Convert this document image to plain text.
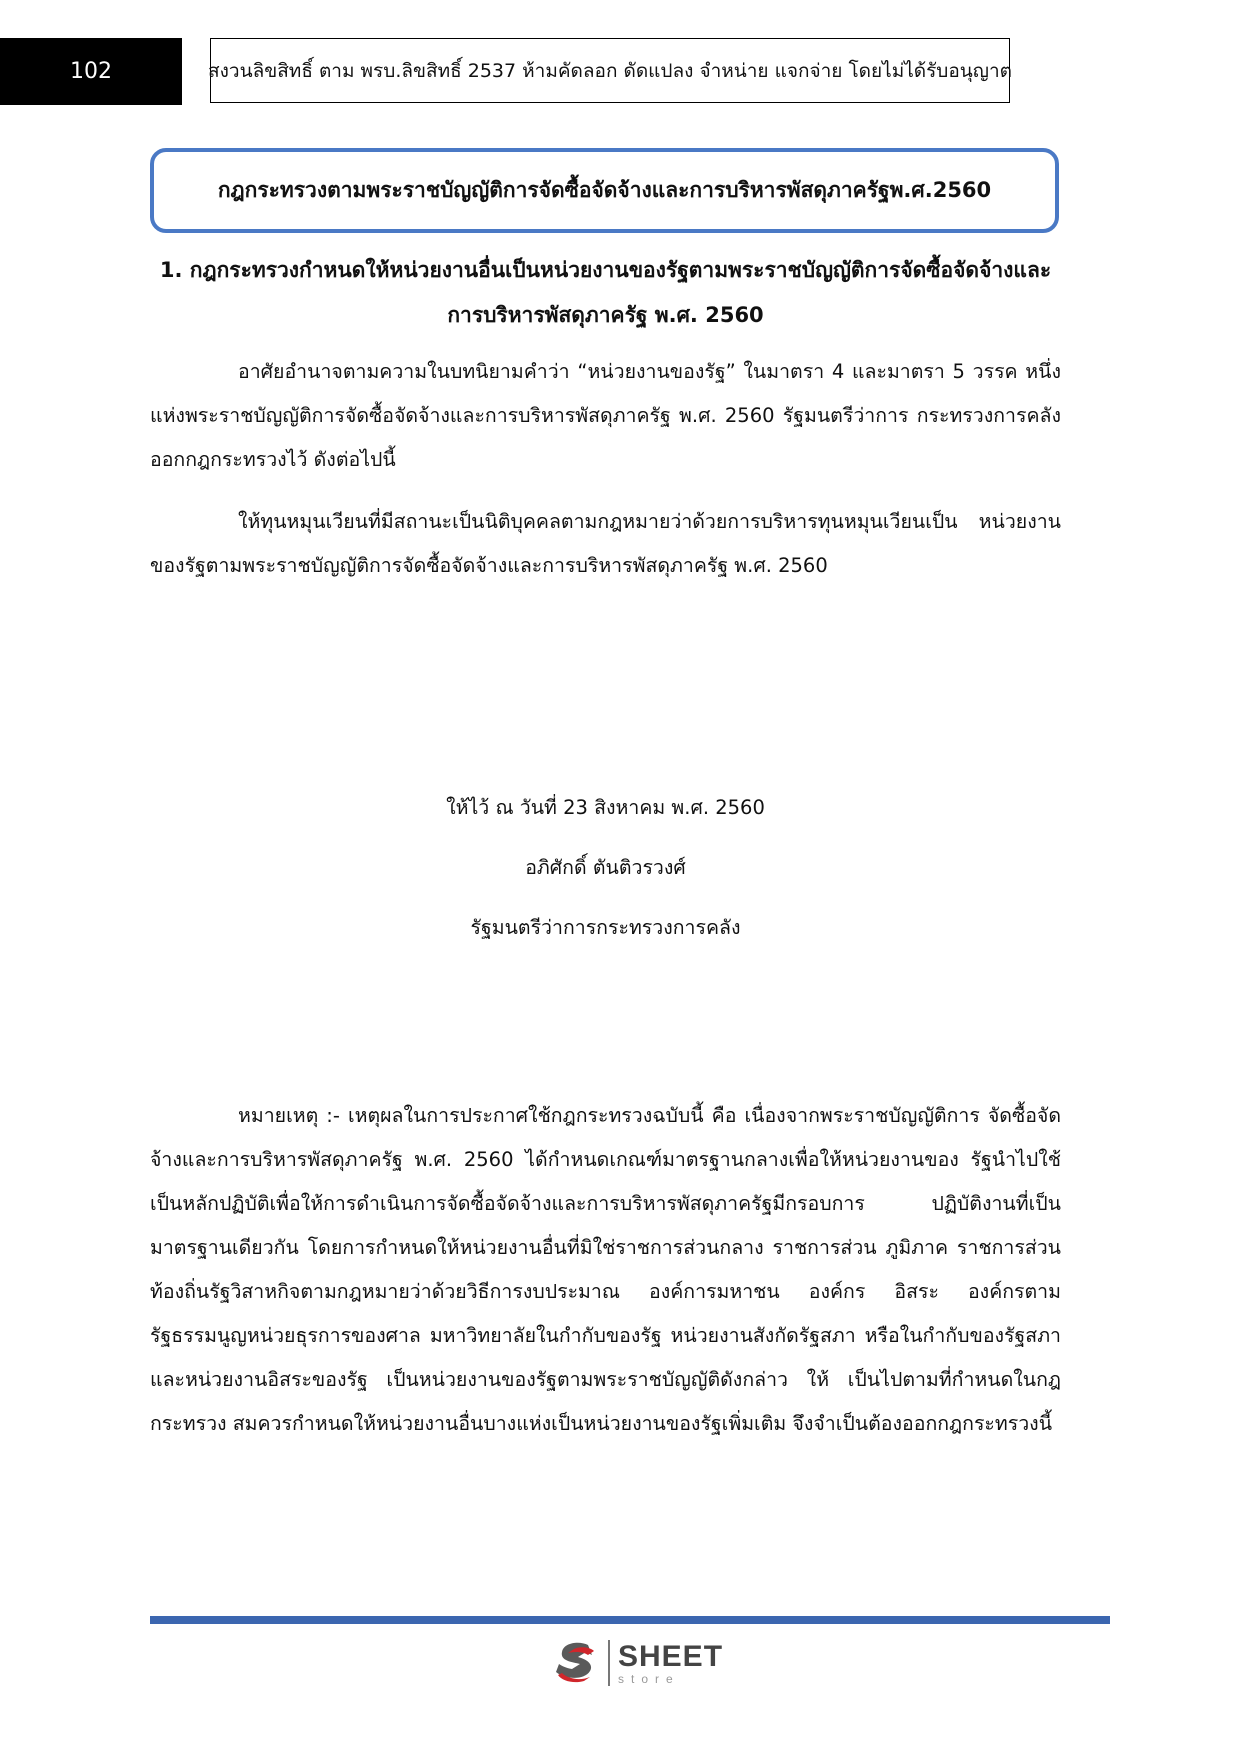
102	สงวนลิขสิทธิ์ ตาม พรบ.ลิขสิทธิ์ 2537 ห้ามคัดลอก ดัดแปลง จำหน่าย แจกจ่าย โดยไม่ได้รับอนุญาต
กฎกระทรวงตามพระราชบัญญัติการจัดซื้อจัดจ้างและการบริหารพัสดุภาครัฐพ.ศ.2560
1. กฎกระทรวงกำหนดให้หน่วยงานอื่นเป็นหน่วยงานของรัฐตามพระราชบัญญัติการจัดซื้อจัดจ้างและ
การบริหารพัสดุภาครัฐ พ.ศ. 2560

อาศัยอำนาจตามความในบทนิยามคำว่า “หน่วยงานของรัฐ” ในมาตรา 4 และมาตรา 5 วรรค หนึ่ง แห่งพระราชบัญญัติการจัดซื้อจัดจ้างและการบริหารพัสดุภาครัฐ พ.ศ. 2560 รัฐมนตรีว่าการ กระทรวงการคลังออกกฎกระทรวงไว้ ดังต่อไปนี้

ให้ทุนหมุนเวียนที่มีสถานะเป็นนิติบุคคลตามกฎหมายว่าด้วยการบริหารทุนหมุนเวียนเป็น หน่วยงานของรัฐตามพระราชบัญญัติการจัดซื้อจัดจ้างและการบริหารพัสดุภาครัฐ พ.ศ. 2560

ให้ไว้ ณ วันที่ 23 สิงหาคม พ.ศ. 2560
อภิศักดิ์ ตันติวรวงศ์
รัฐมนตรีว่าการกระทรวงการคลัง

หมายเหตุ :- เหตุผลในการประกาศใช้กฎกระทรวงฉบับนี้ คือ เนื่องจากพระราชบัญญัติการ จัดซื้อจัดจ้างและการบริหารพัสดุภาครัฐ พ.ศ. 2560 ได้กำหนดเกณฑ์มาตรฐานกลางเพื่อให้หน่วยงานของ รัฐนำไปใช้เป็นหลักปฏิบัติเพื่อให้การดำเนินการจัดซื้อจัดจ้างและการบริหารพัสดุภาครัฐมีกรอบการ ปฏิบัติงานที่เป็นมาตรฐานเดียวกัน โดยการกำหนดให้หน่วยงานอื่นที่มิใช่ราชการส่วนกลาง ราชการส่วน ภูมิภาค ราชการส่วนท้องถิ่นรัฐวิสาหกิจตามกฎหมายว่าด้วยวิธีการงบประมาณ องค์การมหาชน องค์กร อิสระ องค์กรตามรัฐธรรมนูญหน่วยธุรการของศาล มหาวิทยาลัยในกำกับของรัฐ หน่วยงานสังกัดรัฐสภา หรือในกำกับของรัฐสภาและหน่วยงานอิสระของรัฐ เป็นหน่วยงานของรัฐตามพระราชบัญญัติดังกล่าว ให้ เป็นไปตามที่กำหนดในกฎกระทรวง สมควรกำหนดให้หน่วยงานอื่นบางแห่งเป็นหน่วยงานของรัฐเพิ่มเติม จึงจำเป็นต้องออกกฎกระทรวงนี้

SHEET
store
